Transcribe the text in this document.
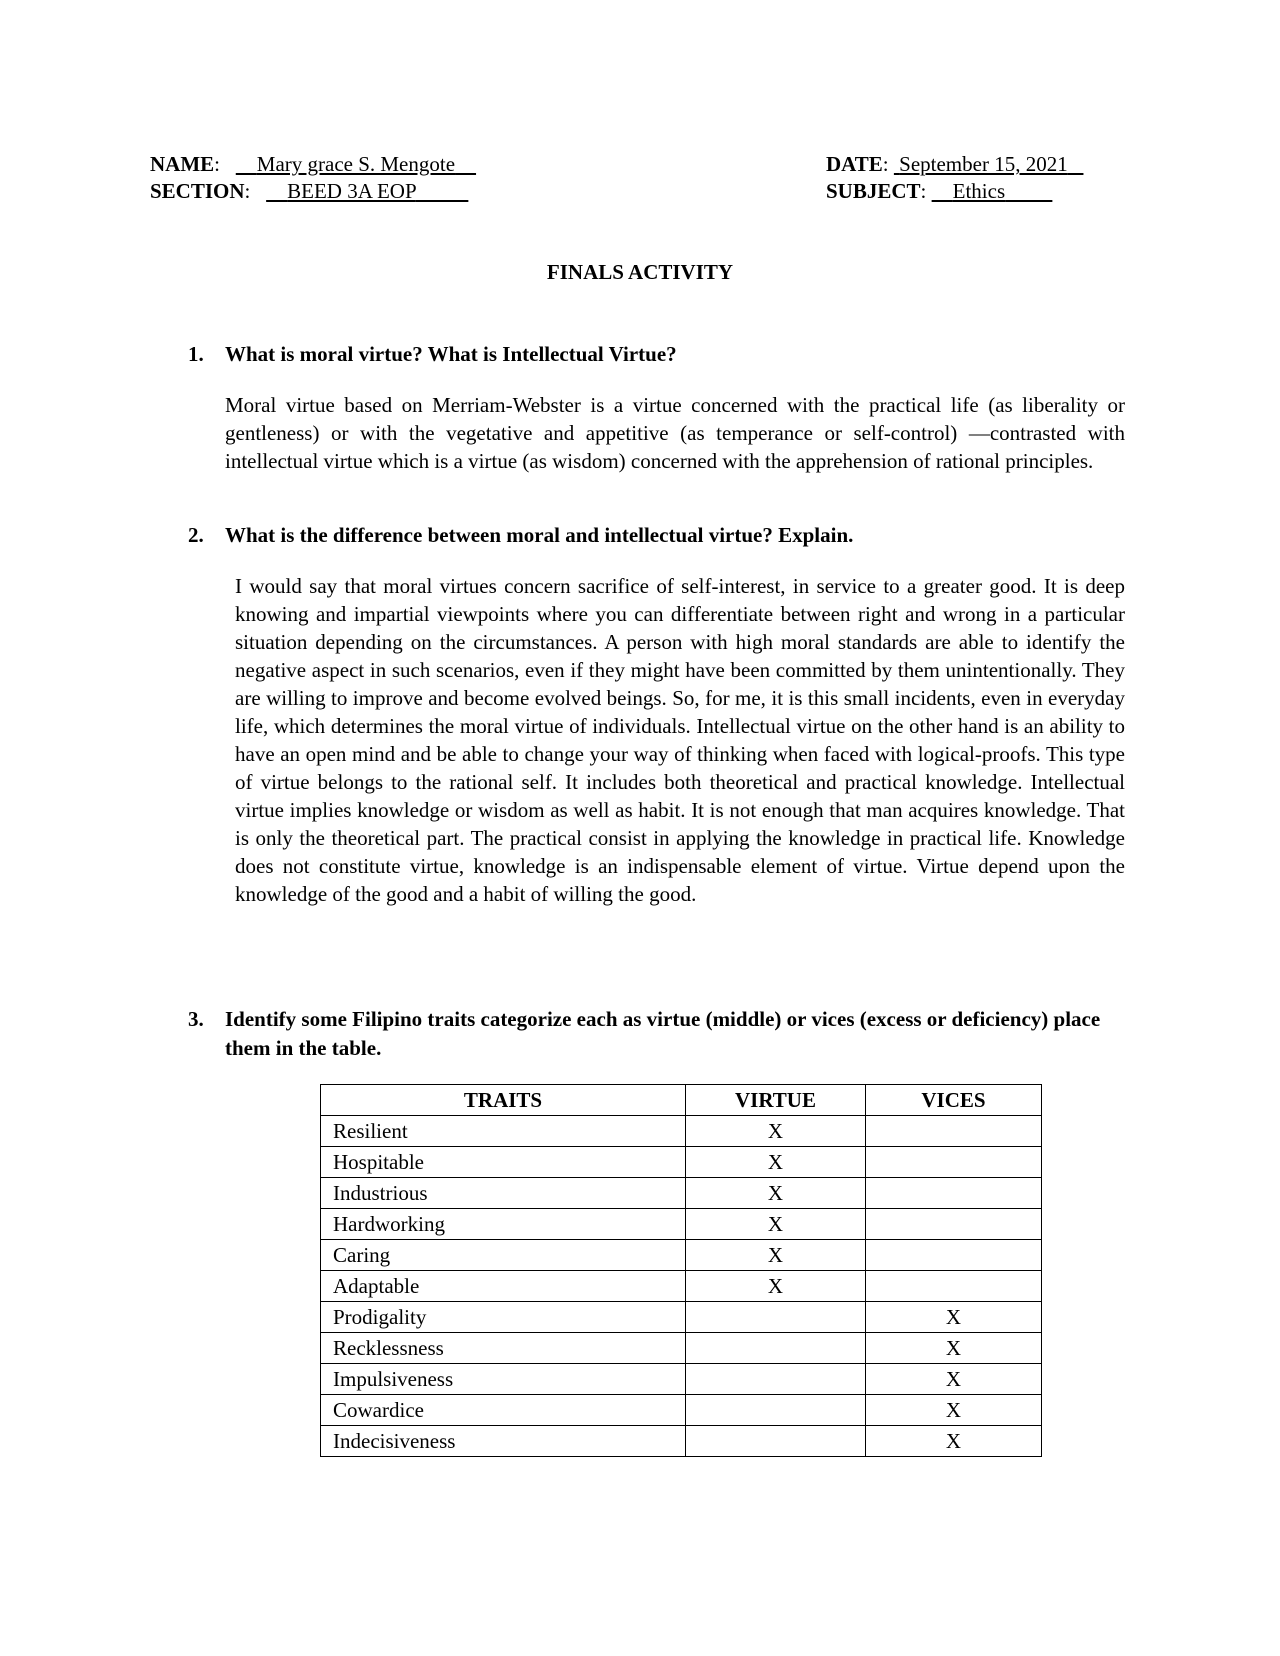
NAME:       Mary grace S. Mengote
SECTION:       BEED 3A EOP
DATE:  September 15, 2021
SUBJECT:     Ethics
FINALS ACTIVITY
1. What is moral virtue? What is Intellectual Virtue?
Moral virtue based on Merriam-Webster is a virtue concerned with the practical life (as liberality or gentleness) or with the vegetative and appetitive (as temperance or self-control) —contrasted with intellectual virtue which is a virtue (as wisdom) concerned with the apprehension of rational principles.
2. What is the difference between moral and intellectual virtue? Explain.
I would say that moral virtues concern sacrifice of self-interest, in service to a greater good. It is deep knowing and impartial viewpoints where you can differentiate between right and wrong in a particular situation depending on the circumstances. A person with high moral standards are able to identify the negative aspect in such scenarios, even if they might have been committed by them unintentionally. They are willing to improve and become evolved beings. So, for me, it is this small incidents, even in everyday life, which determines the moral virtue of individuals. Intellectual virtue on the other hand is an ability to have an open mind and be able to change your way of thinking when faced with logical-proofs. This type of virtue belongs to the rational self. It includes both theoretical and practical knowledge. Intellectual virtue implies knowledge or wisdom as well as habit. It is not enough that man acquires knowledge. That is only the theoretical part. The practical consist in applying the knowledge in practical life. Knowledge does not constitute virtue, knowledge is an indispensable element of virtue. Virtue depend upon the knowledge of the good and a habit of willing the good.
3. Identify some Filipino traits categorize each as virtue (middle) or vices (excess or deficiency) place them in the table.
TRAITS	VIRTUE	VICES
Resilient	X	
Hospitable	X	
Industrious	X	
Hardworking	X	
Caring	X	
Adaptable	X	
Prodigality		X
Recklessness		X
Impulsiveness		X
Cowardice		X
Indecisiveness		X
